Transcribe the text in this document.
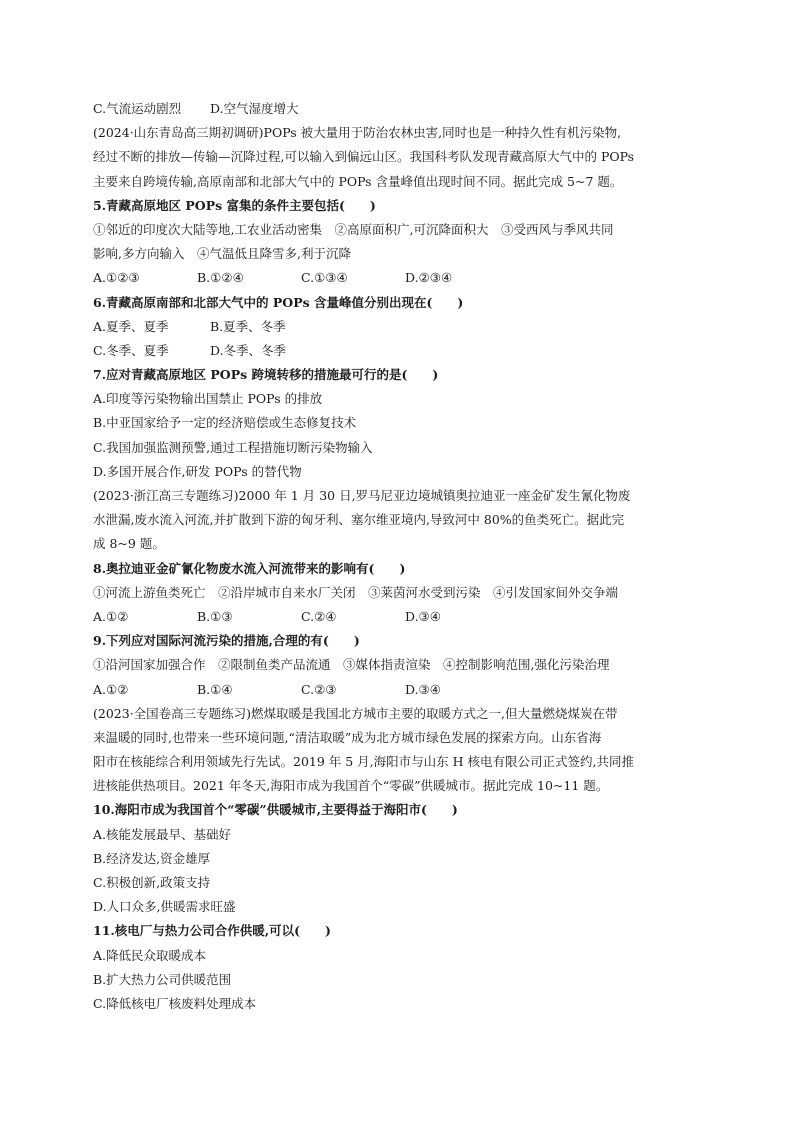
C.气流运动剧烈	D.空气湿度增大
(2024·山东青岛高三期初调研)POPs 被大量用于防治农林虫害,同时也是一种持久性有机污染物,
经过不断的排放—传输—沉降过程,可以输入到偏远山区。我国科考队发现青藏高原大气中的 POPs
主要来自跨境传输,高原南部和北部大气中的 POPs 含量峰值出现时间不同。据此完成 5~7 题。
5.青藏高原地区 POPs 富集的条件主要包括(　　)
①邻近的印度次大陆等地,工农业活动密集　②高原面积广,可沉降面积大　③受西风与季风共同
影响,多方向输入　④气温低且降雪多,利于沉降
A.①②③	B.①②④	C.①③④	D.②③④
6.青藏高原南部和北部大气中的 POPs 含量峰值分别出现在(　　)
A.夏季、夏季	B.夏季、冬季
C.冬季、夏季	D.冬季、冬季
7.应对青藏高原地区 POPs 跨境转移的措施最可行的是(　　)
A.印度等污染物输出国禁止 POPs 的排放
B.中亚国家给予一定的经济赔偿或生态修复技术
C.我国加强监测预警,通过工程措施切断污染物输入
D.多国开展合作,研发 POPs 的替代物
(2023·浙江高三专题练习)2000 年 1 月 30 日,罗马尼亚边境城镇奥拉迪亚一座金矿发生氰化物废
水泄漏,废水流入河流,并扩散到下游的匈牙利、塞尔维亚境内,导致河中 80%的鱼类死亡。据此完
成 8~9 题。
8.奥拉迪亚金矿氰化物废水流入河流带来的影响有(　　)
①河流上游鱼类死亡　②沿岸城市自来水厂关闭　③莱茵河水受到污染　④引发国家间外交争端
A.①②	B.①③	C.②④	D.③④
9.下列应对国际河流污染的措施,合理的有(　　)
①沿河国家加强合作　②限制鱼类产品流通　③媒体指责渲染　④控制影响范围,强化污染治理
A.①②	B.①④	C.②③	D.③④
(2023·全国卷高三专题练习)燃煤取暖是我国北方城市主要的取暖方式之一,但大量燃烧煤炭在带
来温暖的同时,也带来一些环境问题,“清洁取暖”成为北方城市绿色发展的探索方向。山东省海
阳市在核能综合利用领域先行先试。2019 年 5 月,海阳市与山东 H 核电有限公司正式签约,共同推
进核能供热项目。2021 年冬天,海阳市成为我国首个“零碳”供暖城市。据此完成 10~11 题。
10.海阳市成为我国首个“零碳”供暖城市,主要得益于海阳市(　　)
A.核能发展最早、基础好
B.经济发达,资金雄厚
C.积极创新,政策支持
D.人口众多,供暖需求旺盛
11.核电厂与热力公司合作供暖,可以(　　)
A.降低民众取暖成本
B.扩大热力公司供暖范围
C.降低核电厂核废料处理成本
